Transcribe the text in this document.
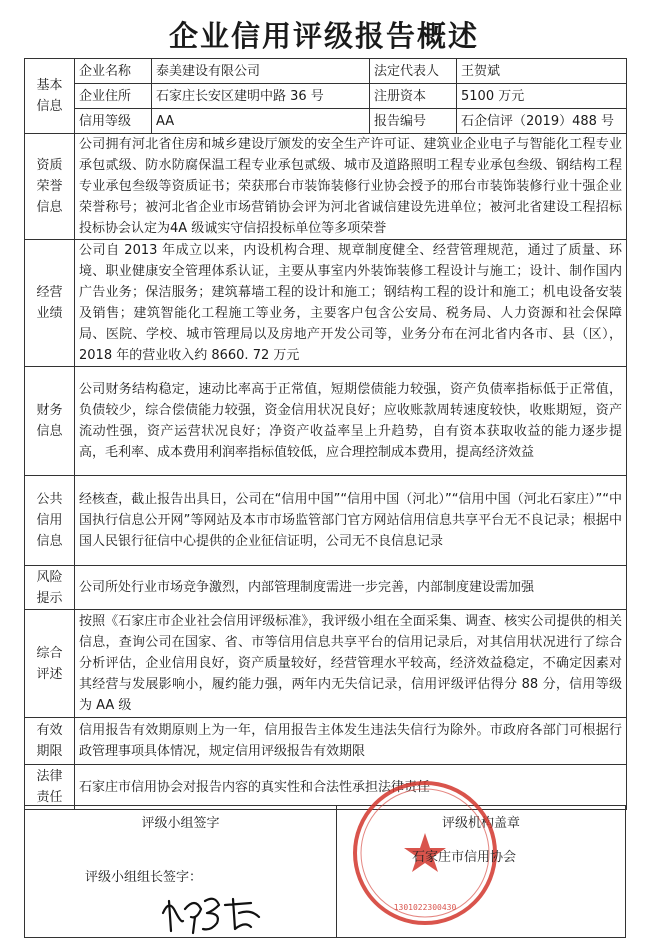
企业信用评级报告概述
基本
信息	企业名称	泰美建设有限公司	法定代表人	王贺斌
	企业住所	石家庄长安区建明中路 36 号	注册资本	5100 万元
	信用等级	AA	报告编号	石企信评（2019）488 号
资质
荣誉
信息	公司拥有河北省住房和城乡建设厅颁发的安全生产许可证、建筑业企业电子与智能化工程专业承包贰级、防水防腐保温工程专业承包贰级、城市及道路照明工程专业承包叁级、钢结构工程专业承包叁级等资质证书；荣获邢台市装饰装修行业协会授予的邢台市装饰装修行业十强企业荣誉称号；被河北省企业市场营销协会评为河北省诚信建设先进单位；被河北省建设工程招标投标协会认定为4A 级诚实守信招投标单位等多项荣誉			
经营
业绩	公司自 2013 年成立以来，内设机构合理、规章制度健全、经营管理规范，通过了质量、环境、职业健康安全管理体系认证，主要从事室内外装饰装修工程设计与施工；设计、制作国内广告业务；保洁服务；建筑幕墙工程的设计和施工；钢结构工程的设计和施工；机电设备安装及销售；建筑智能化工程施工等业务，主要客户包含公安局、税务局、人力资源和社会保障局、医院、学校、城市管理局以及房地产开发公司等，业务分布在河北省内各市、县（区），2018 年的营业收入约 8660. 72 万元			
财务
信息	公司财务结构稳定，速动比率高于正常值，短期偿债能力较强，资产负债率指标低于正常值，负债较少，综合偿债能力较强，资金信用状况良好；应收账款周转速度较快，收账期短，资产流动性强，资产运营状况良好；净资产收益率呈上升趋势，自有资本获取收益的能力逐步提高，毛利率、成本费用利润率指标值较低，应合理控制成本费用，提高经济效益			
公共
信用
信息	经核查，截止报告出具日，公司在“信用中国”“信用中国（河北）”“信用中国（河北石家庄）”“中国执行信息公开网”等网站及本市市场监管部门官方网站信用信息共享平台无不良记录；根据中国人民银行征信中心提供的企业征信证明，公司无不良信息记录			
风险
提示	公司所处行业市场竞争激烈，内部管理制度需进一步完善，内部制度建设需加强			
综合
评述	按照《石家庄市企业社会信用评级标准》，我评级小组在全面采集、调查、核实公司提供的相关信息，查询公司在国家、省、市等信用信息共享平台的信用记录后，对其信用状况进行了综合分析评估，企业信用良好，资产质量较好，经营管理水平较高，经济效益稳定，不确定因素对其经营与发展影响小，履约能力强，两年内无失信记录，信用评级评估得分 88 分，信用等级为 AA 级			
有效
期限	信用报告有效期原则上为一年，信用报告主体发生违法失信行为除外。市政府各部门可根据行政管理事项具体情况，规定信用评级报告有效期限			
法律
责任	石家庄市信用协会对报告内容的真实性和合法性承担法律责任			
评级小组签字
评级小组组长签字：
评级机构盖章
1301022300430
石家庄市信用协会
